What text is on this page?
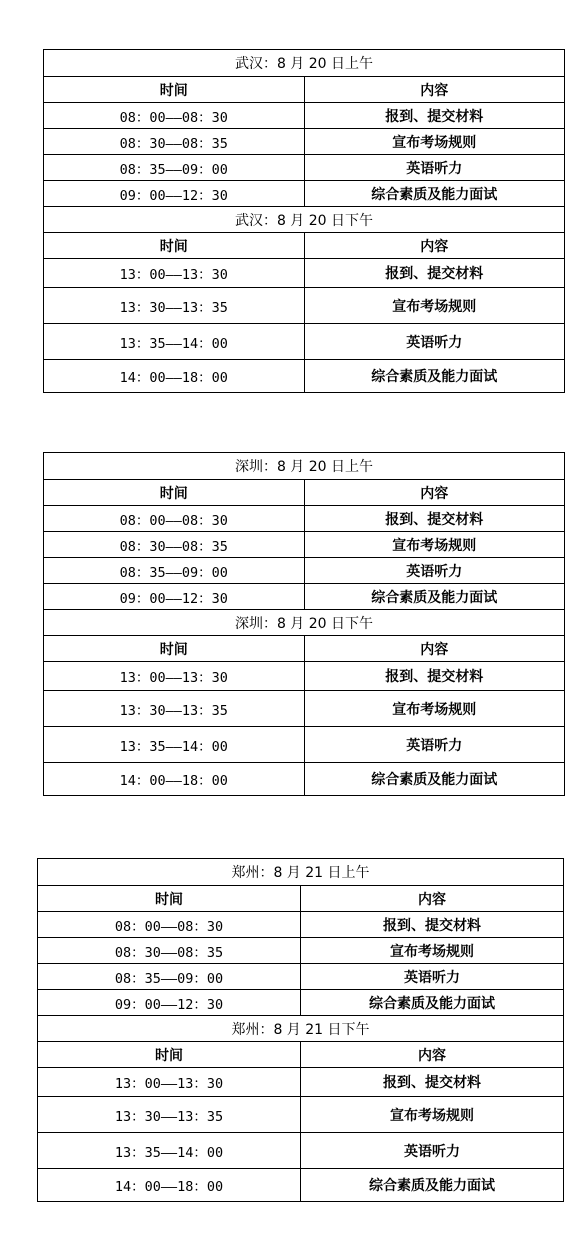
武汉：8 月 20 日上午	
时间	内容
08：00——08：30	报到、提交材料
08：30——08：35	宣布考场规则
08：35——09：00	英语听力
09：00——12：30	综合素质及能力面试
武汉：8 月 20 日下午	
时间	内容
13：00——13：30	报到、提交材料
13：30——13：35	宣布考场规则
13：35——14：00	英语听力
14：00——18：00	综合素质及能力面试
深圳：8 月 20 日上午	
时间	内容
08：00——08：30	报到、提交材料
08：30——08：35	宣布考场规则
08：35——09：00	英语听力
09：00——12：30	综合素质及能力面试
深圳：8 月 20 日下午	
时间	内容
13：00——13：30	报到、提交材料
13：30——13：35	宣布考场规则
13：35——14：00	英语听力
14：00——18：00	综合素质及能力面试
郑州：8 月 21 日上午	
时间	内容
08：00——08：30	报到、提交材料
08：30——08：35	宣布考场规则
08：35——09：00	英语听力
09：00——12：30	综合素质及能力面试
郑州：8 月 21 日下午	
时间	内容
13：00——13：30	报到、提交材料
13：30——13：35	宣布考场规则
13：35——14：00	英语听力
14：00——18：00	综合素质及能力面试
